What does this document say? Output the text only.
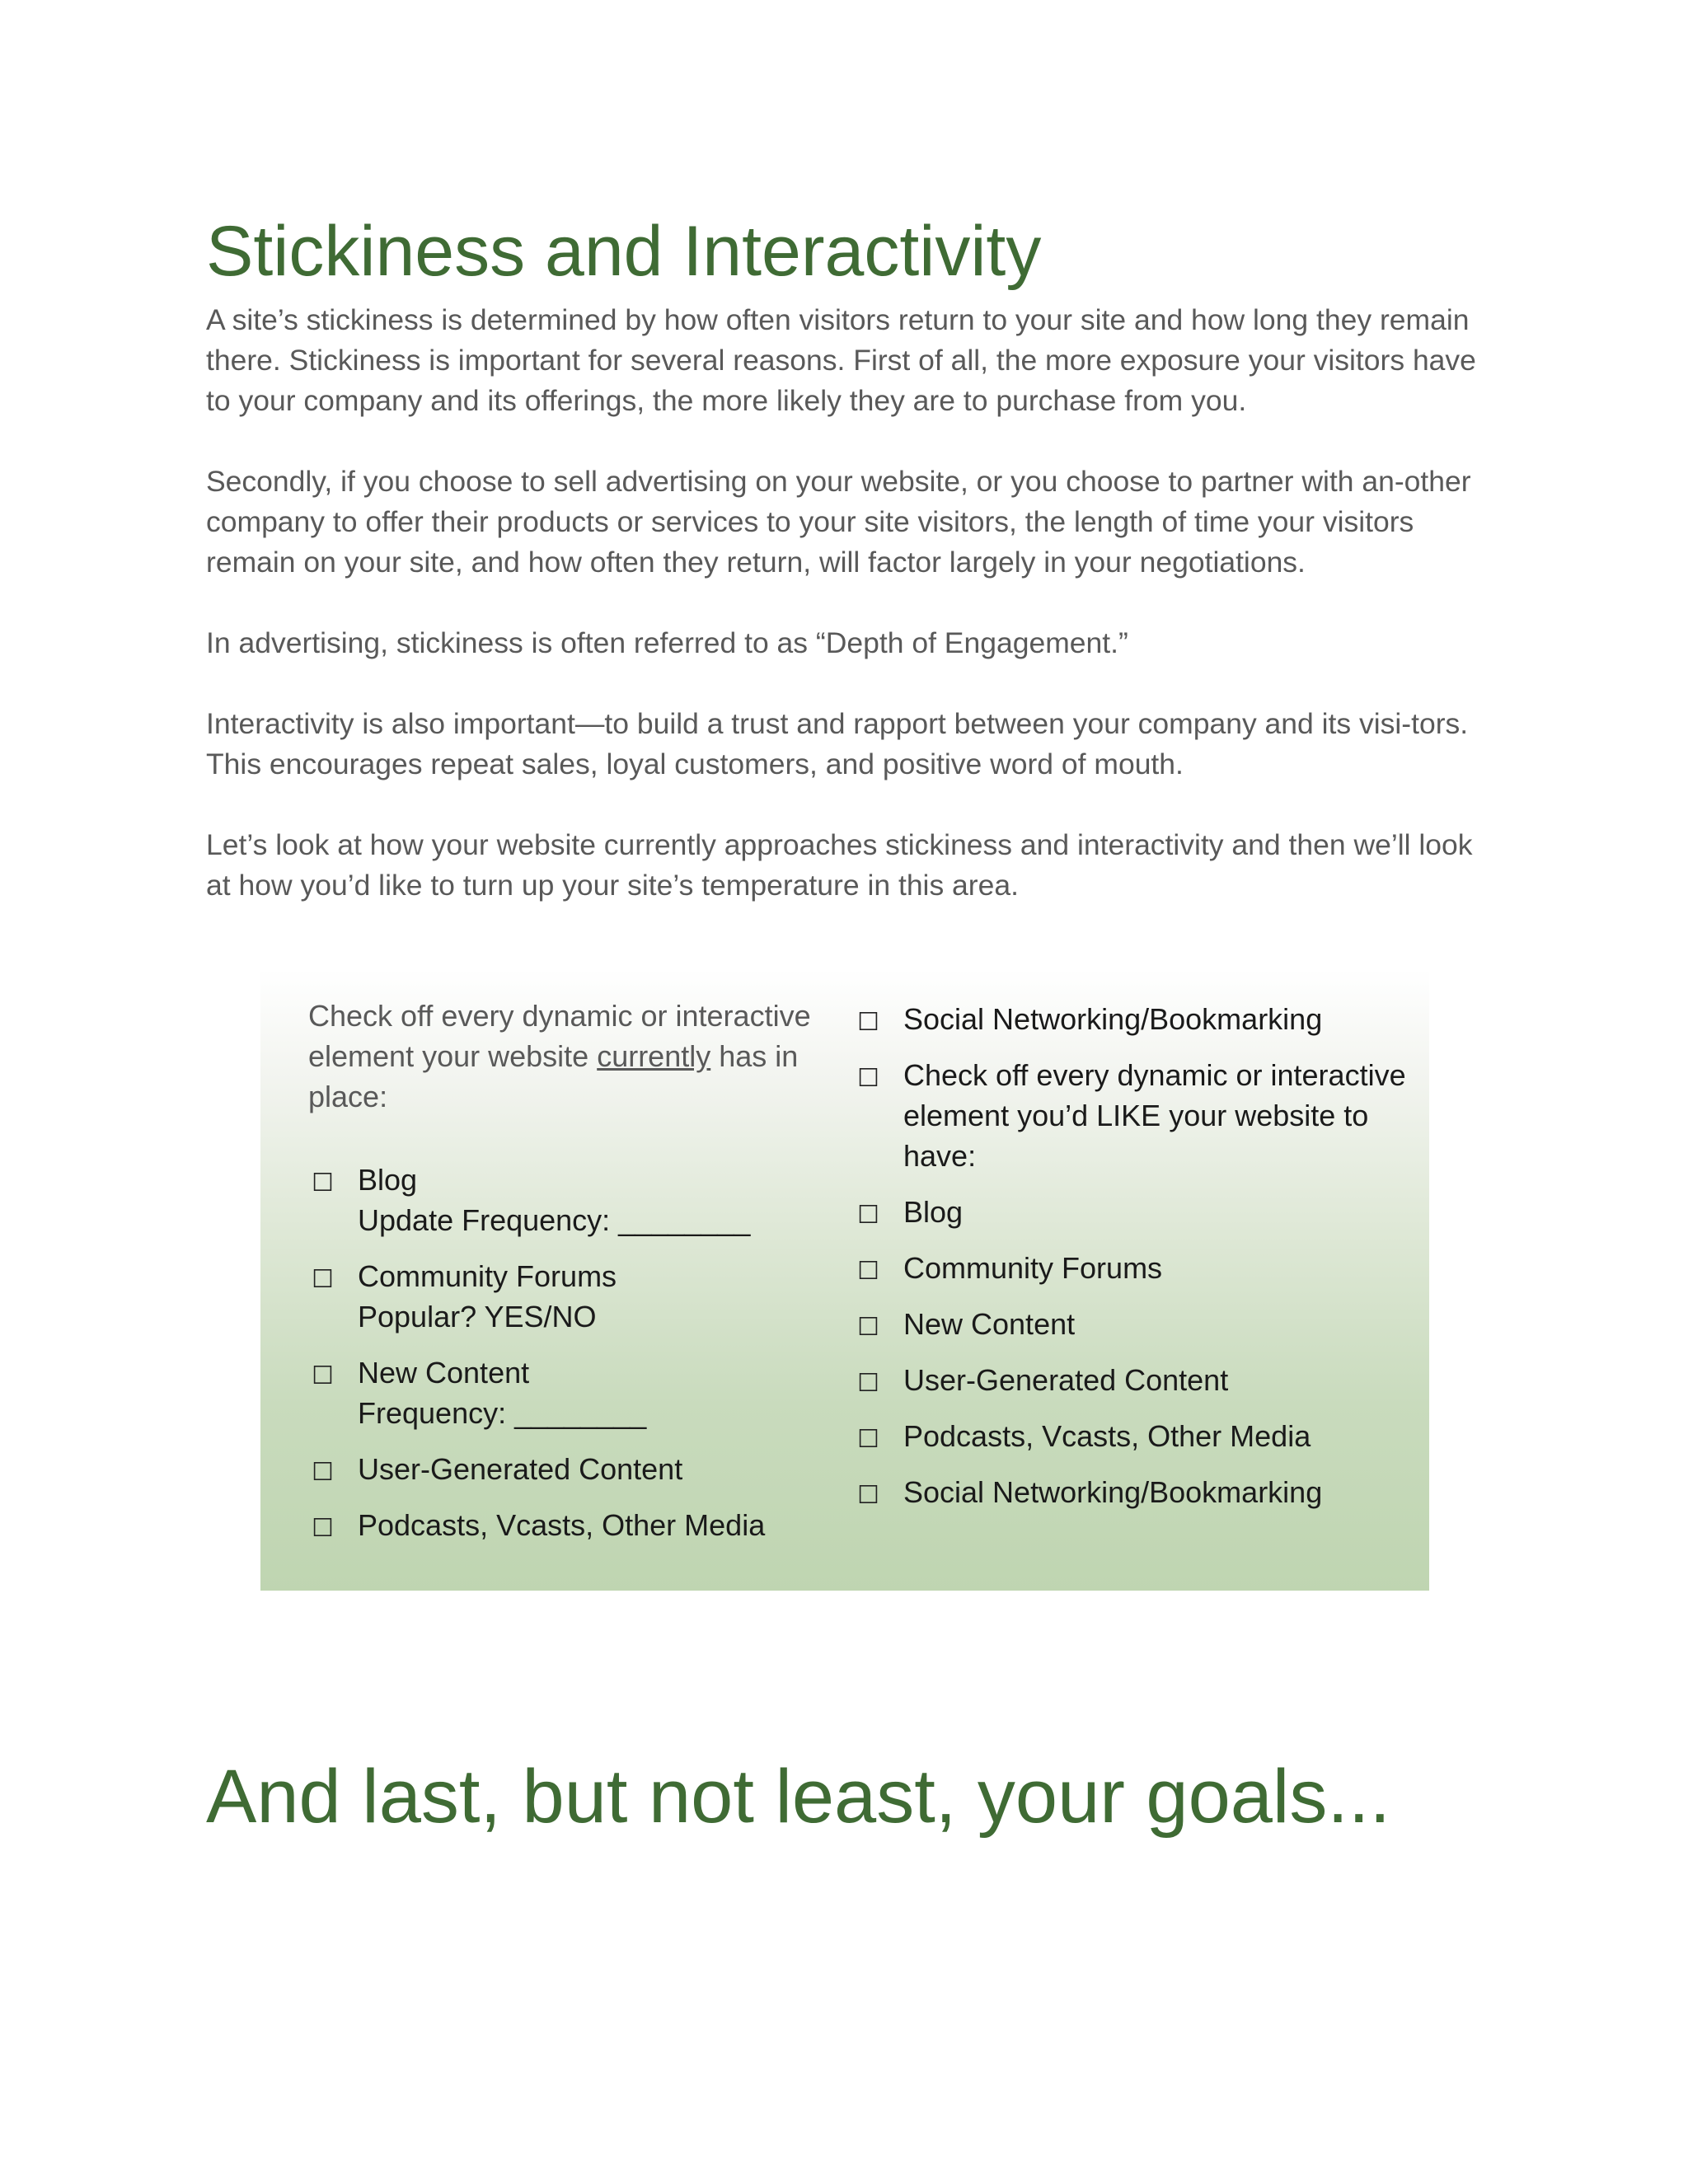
Stickiness and Interactivity

A site’s stickiness is determined by how often visitors return to your site and how long they remain there. Stickiness is important for several reasons. First of all, the more exposure your visitors have to your company and its offerings, the more likely they are to purchase from you.

Secondly, if you choose to sell advertising on your website, or you choose to partner with an-other company to offer their products or services to your site visitors, the length of time your visitors remain on your site, and how often they return, will factor largely in your negotiations.

In advertising, stickiness is often referred to as “Depth of Engagement.”

Interactivity is also important—to build a trust and rapport between your company and its visi-tors. This encourages repeat sales, loyal customers, and positive word of mouth.

Let’s look at how your website currently approaches stickiness and interactivity and then we’ll look at how you’d like to turn up your site’s temperature in this area.

Check off every dynamic or interactive element your website currently has in place:

☐ Blog
Update Frequency: ________
☐ Community Forums
Popular? YES/NO
☐ New Content
Frequency: ________
☐ User-Generated Content
☐ Podcasts, Vcasts, Other Media
☐ Social Networking/Bookmarking
☐ Check off every dynamic or interactive element you’d LIKE your website to have:
☐ Blog
☐ Community Forums
☐ New Content
☐ User-Generated Content
☐ Podcasts, Vcasts, Other Media
☐ Social Networking/Bookmarking
And last, but not least, your goals...
